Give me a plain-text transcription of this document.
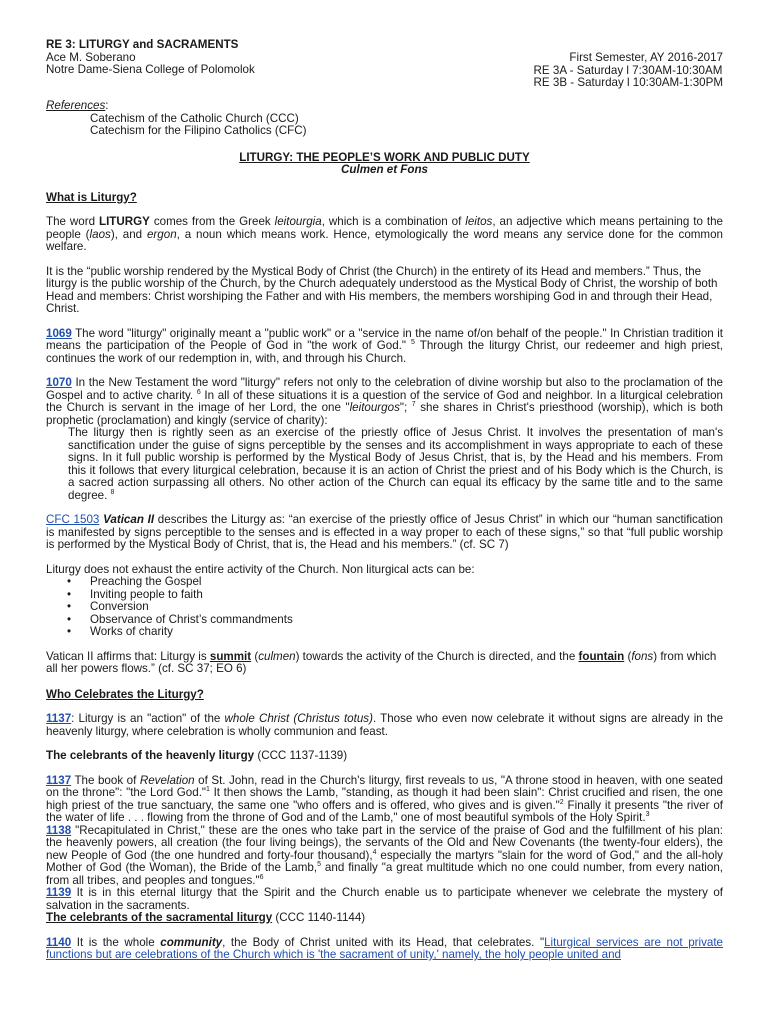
RE 3: LITURGY and SACRAMENTS
Ace M. Soberano
Notre Dame-Siena College of Polomolok
First Semester, AY 2016-2017
RE 3A - Saturday l 7:30AM-10:30AM
RE 3B - Saturday l 10:30AM-1:30PM
References:
Catechism of the Catholic Church (CCC)
Catechism for the Filipino Catholics (CFC)
LITURGY: THE PEOPLE’S WORK AND PUBLIC DUTY
Culmen et Fons
What is Liturgy?

The word LITURGY comes from the Greek leitourgia, which is a combination of leitos, an adjective which means pertaining to the people (laos), and ergon, a noun which means work. Hence, etymologically the word means any service done for the common welfare.

It is the “public worship rendered by the Mystical Body of Christ (the Church) in the entirety of its Head and members.” Thus, the liturgy is the public worship of the Church, by the Church adequately understood as the Mystical Body of Christ, the worship of both Head and members: Christ worshiping the Father and with His members, the members worshiping God in and through their Head, Christ.

1069 The word "liturgy" originally meant a "public work" or a "service in the name of/on behalf of the people." In Christian tradition it means the participation of the People of God in "the work of God." $^5$ Through the liturgy Christ, our redeemer and high priest, continues the work of our redemption in, with, and through his Church.

1070 In the New Testament the word "liturgy" refers not only to the celebration of divine worship but also to the proclamation of the Gospel and to active charity. $^6$ In all of these situations it is a question of the service of God and neighbor. In a liturgical celebration the Church is servant in the image of her Lord, the one "leitourgos"; $^7$ she shares in Christ's priesthood (worship), which is both prophetic (proclamation) and kingly (service of charity):

The liturgy then is rightly seen as an exercise of the priestly office of Jesus Christ. It involves the presentation of man's sanctification under the guise of signs perceptible by the senses and its accomplishment in ways appropriate to each of these signs. In it full public worship is performed by the Mystical Body of Jesus Christ, that is, by the Head and his members. From this it follows that every liturgical celebration, because it is an action of Christ the priest and of his Body which is the Church, is a sacred action surpassing all others. No other action of the Church can equal its efficacy by the same title and to the same degree. $^8$

CFC 1503 Vatican II describes the Liturgy as: “an exercise of the priestly office of Jesus Christ” in which our “human sanctification is manifested by signs perceptible to the senses and is effected in a way proper to each of these signs,” so that “full public worship is performed by the Mystical Body of Christ, that is, the Head and his members.” (cf. SC 7)

Liturgy does not exhaust the entire activity of the Church. Non liturgical acts can be:

• Preaching the Gospel
• Inviting people to faith
• Conversion
• Observance of Christ’s commandments
• Works of charity

Vatican II affirms that: Liturgy is summit (culmen) towards the activity of the Church is directed, and the fountain (fons) from which all her powers flows.” (cf. SC 37; EO 6)

Who Celebrates the Liturgy?

1137: Liturgy is an "action" of the whole Christ (Christus totus). Those who even now celebrate it without signs are already in the heavenly liturgy, where celebration is wholly communion and feast.

The celebrants of the heavenly liturgy (CCC 1137-1139)

1137 The book of Revelation of St. John, read in the Church's liturgy, first reveals to us, "A throne stood in heaven, with one seated on the throne": "the Lord God."$^1$ It then shows the Lamb, "standing, as though it had been slain": Christ crucified and risen, the one high priest of the true sanctuary, the same one "who offers and is offered, who gives and is given."$^2$ Finally it presents "the river of the water of life . . . flowing from the throne of God and of the Lamb," one of most beautiful symbols of the Holy Spirit.$^3$

1138 "Recapitulated in Christ," these are the ones who take part in the service of the praise of God and the fulfillment of his plan: the heavenly powers, all creation (the four living beings), the servants of the Old and New Covenants (the twenty-four elders), the new People of God (the one hundred and forty-four thousand),$^4$ especially the martyrs "slain for the word of God," and the all-holy Mother of God (the Woman), the Bride of the Lamb,$^5$ and finally "a great multitude which no one could number, from every nation, from all tribes, and peoples and tongues."$^6$

1139 It is in this eternal liturgy that the Spirit and the Church enable us to participate whenever we celebrate the mystery of salvation in the sacraments.

The celebrants of the sacramental liturgy (CCC 1140-1144)

1140 It is the whole community, the Body of Christ united with its Head, that celebrates. "Liturgical services are not private functions but are celebrations of the Church which is 'the sacrament of unity,' namely, the holy people united and
